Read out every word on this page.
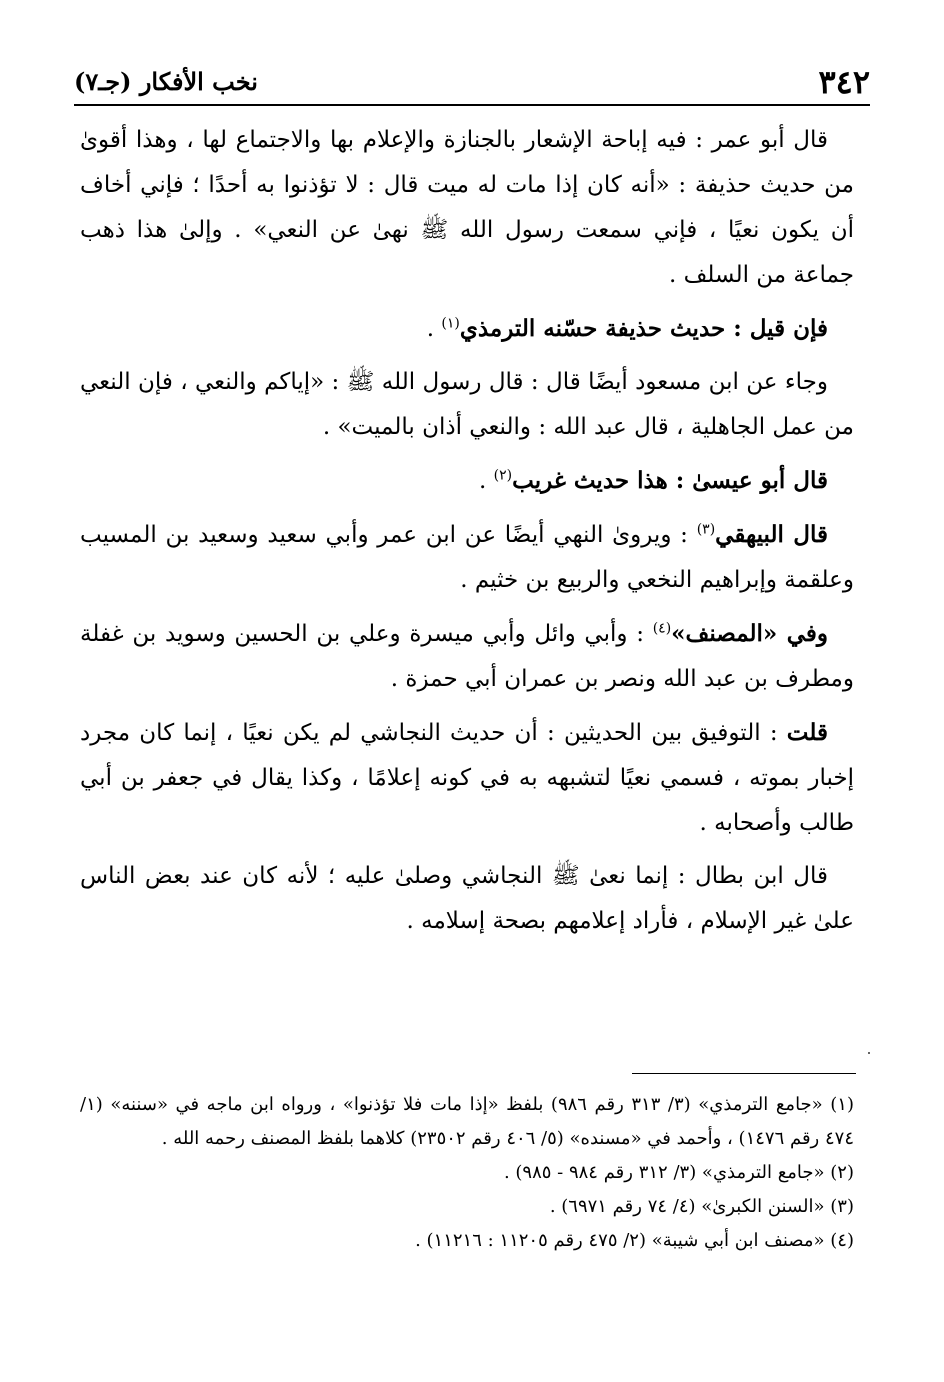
٣٤٢
نخب الأفكار (جـ٧)

قال أبو عمر : فيه إباحة الإشعار بالجنازة والإعلام بها والاجتماع لها ، وهذا أقوىٰ من حديث حذيفة : «أنه كان إذا مات له ميت قال : لا تؤذنوا به أحدًا ؛ فإني أخاف أن يكون نعيًا ، فإني سمعت رسول الله ﷺ نهىٰ عن النعي» . وإلىٰ هذا ذهب جماعة من السلف .

فإن قيل : حديث حذيفة حسّنه الترمذي$^{(١)}$ .

وجاء عن ابن مسعود أيضًا قال : قال رسول الله ﷺ : «إياكم والنعي ، فإن النعي من عمل الجاهلية ، قال عبد الله : والنعي أذان بالميت» .

قال أبو عيسىٰ : هذا حديث غريب$^{(٢)}$ .

قال البيهقي$^{(٣)}$ : ويروىٰ النهي أيضًا عن ابن عمر وأبي سعيد وسعيد بن المسيب وعلقمة وإبراهيم النخعي والربيع بن خثيم .

وفي «المصنف»$^{(٤)}$ : وأبي وائل وأبي ميسرة وعلي بن الحسين وسويد بن غفلة ومطرف بن عبد الله ونصر بن عمران أبي حمزة .

قلت : التوفيق بين الحديثين : أن حديث النجاشي لم يكن نعيًا ، إنما كان مجرد إخبار بموته ، فسمي نعيًا لتشبهه به في كونه إعلامًا ، وكذا يقال في جعفر بن أبي طالب وأصحابه .

قال ابن بطال : إنما نعىٰ ﷺ النجاشي وصلىٰ عليه ؛ لأنه كان عند بعض الناس علىٰ غير الإسلام ، فأراد إعلامهم بصحة إسلامه .

(١) «جامع الترمذي» (٣/ ٣١٣ رقم ٩٨٦) بلفظ «إذا مات فلا تؤذنوا» ، ورواه ابن ماجه في «سننه» (١/ ٤٧٤ رقم ١٤٧٦) ، وأحمد في «مسنده» (٥/ ٤٠٦ رقم ٢٣٥٠٢) كلاهما بلفظ المصنف رحمه الله .

(٢) «جامع الترمذي» (٣/ ٣١٢ رقم ٩٨٤ - ٩٨٥) .

(٣) «السنن الكبرىٰ» (٤/ ٧٤ رقم ٦٩٧١) .

(٤) «مصنف ابن أبي شيبة» (٢/ ٤٧٥ رقم ١١٢٠٥ : ١١٢١٦) .
